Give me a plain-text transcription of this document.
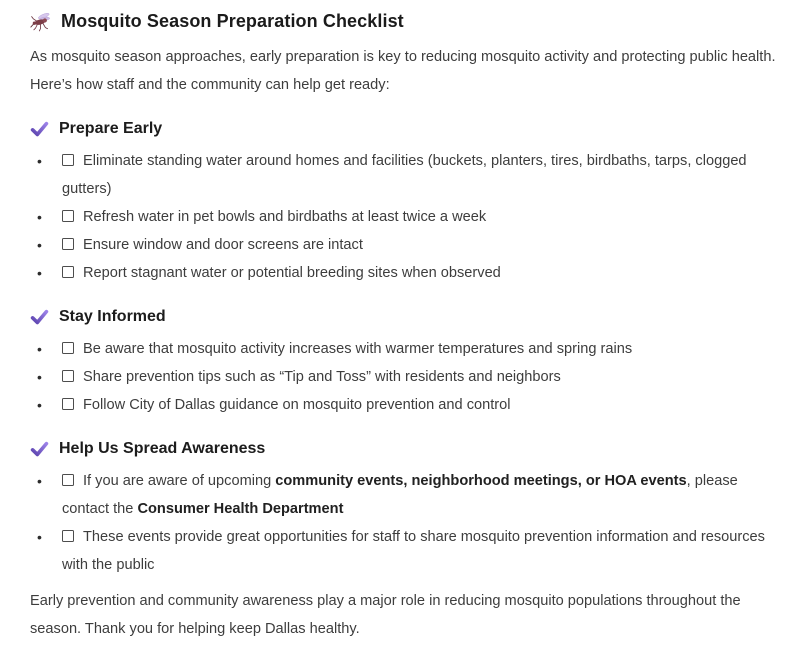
Mosquito Season Preparation Checklist

As mosquito season approaches, early preparation is key to reducing mosquito activity and protecting public health. Here’s how staff and the community can help get ready:

Prepare Early
•	Eliminate standing water around homes and facilities (buckets, planters, tires, birdbaths, tarps, clogged gutters)
•	Refresh water in pet bowls and birdbaths at least twice a week
•	Ensure window and door screens are intact
•	Report stagnant water or potential breeding sites when observed
Stay Informed
•	Be aware that mosquito activity increases with warmer temperatures and spring rains
•	Share prevention tips such as “Tip and Toss” with residents and neighbors
•	Follow City of Dallas guidance on mosquito prevention and control
Help Us Spread Awareness
•	If you are aware of upcoming community events, neighborhood meetings, or HOA events, please contact the Consumer Health Department
•	These events provide great opportunities for staff to share mosquito prevention information and resources with the public

Early prevention and community awareness play a major role in reducing mosquito populations throughout the season. Thank you for helping keep Dallas healthy.
